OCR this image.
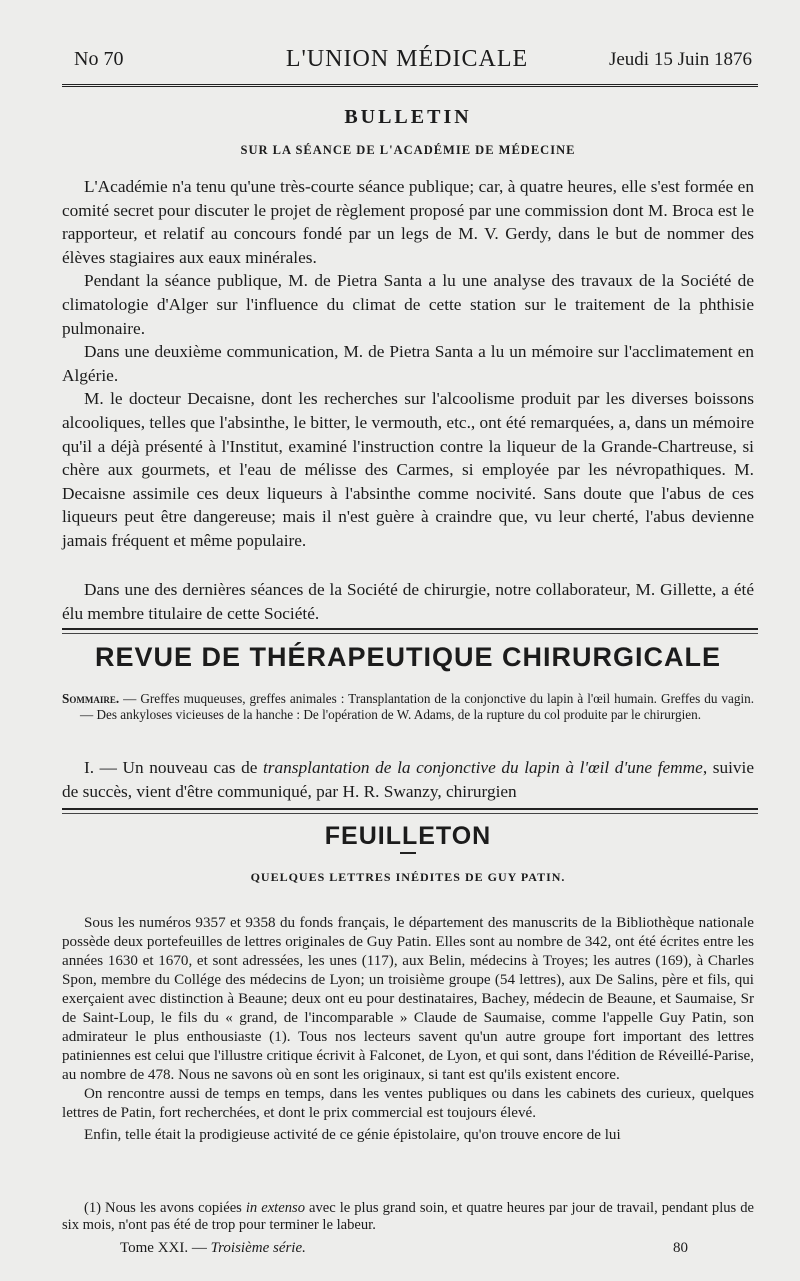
No 70	L'UNION MÉDICALE	Jeudi 15 Juin 1876
BULLETIN
SUR LA SÉANCE DE L'ACADÉMIE DE MÉDECINE

L'Académie n'a tenu qu'une très-courte séance publique; car, à quatre heures, elle s'est formée en comité secret pour discuter le projet de règlement proposé par une commission dont M. Broca est le rapporteur, et relatif au concours fondé par un legs de M. V. Gerdy, dans le but de nommer des élèves stagiaires aux eaux minérales.

Pendant la séance publique, M. de Pietra Santa a lu une analyse des travaux de la Société de climatologie d'Alger sur l'influence du climat de cette station sur le traitement de la phthisie pulmonaire.

Dans une deuxième communication, M. de Pietra Santa a lu un mémoire sur l'acclimatement en Algérie.

M. le docteur Decaisne, dont les recherches sur l'alcoolisme produit par les diverses boissons alcooliques, telles que l'absinthe, le bitter, le vermouth, etc., ont été remarquées, a, dans un mémoire qu'il a déjà présenté à l'Institut, examiné l'instruction contre la liqueur de la Grande-Chartreuse, si chère aux gourmets, et l'eau de mélisse des Carmes, si employée par les névropathiques. M. Decaisne assimile ces deux liqueurs à l'absinthe comme nocivité. Sans doute que l'abus de ces liqueurs peut être dangereuse; mais il n'est guère à craindre que, vu leur cherté, l'abus devienne jamais fréquent et même populaire.

Dans une des dernières séances de la Société de chirurgie, notre collaborateur, M. Gillette, a été élu membre titulaire de cette Société.

REVUE DE THÉRAPEUTIQUE CHIRURGICALE

Sommaire. — Greffes muqueuses, greffes animales : Transplantation de la conjonctive du lapin à l'œil humain. Greffes du vagin. — Des ankyloses vicieuses de la hanche : De l'opération de W. Adams, de la rupture du col produite par le chirurgien.

I. — Un nouveau cas de transplantation de la conjonctive du lapin à l'œil d'une femme, suivie de succès, vient d'être communiqué, par H. R. Swanzy, chirurgien

FEUILLETON
QUELQUES LETTRES INÉDITES DE GUY PATIN.

Sous les numéros 9357 et 9358 du fonds français, le département des manuscrits de la Bibliothèque nationale possède deux portefeuilles de lettres originales de Guy Patin. Elles sont au nombre de 342, ont été écrites entre les années 1630 et 1670, et sont adressées, les unes (117), aux Belin, médecins à Troyes; les autres (169), à Charles Spon, membre du Collége des médecins de Lyon; un troisième groupe (54 lettres), aux De Salins, père et fils, qui exerçaient avec distinction à Beaune; deux ont eu pour destinataires, Bachey, médecin de Beaune, et Saumaise, Sr de Saint-Loup, le fils du « grand, de l'incomparable » Claude de Saumaise, comme l'appelle Guy Patin, son admirateur le plus enthousiaste (1). Tous nos lecteurs savent qu'un autre groupe fort important des lettres patiniennes est celui que l'illustre critique écrivit à Falconet, de Lyon, et qui sont, dans l'édition de Réveillé-Parise, au nombre de 478. Nous ne savons où en sont les originaux, si tant est qu'ils existent encore.

On rencontre aussi de temps en temps, dans les ventes publiques ou dans les cabinets des curieux, quelques lettres de Patin, fort recherchées, et dont le prix commercial est toujours élevé.

Enfin, telle était la prodigieuse activité de ce génie épistolaire, qu'on trouve encore de lui

(1) Nous les avons copiées in extenso avec le plus grand soin, et quatre heures par jour de travail, pendant plus de six mois, n'ont pas été de trop pour terminer le labeur.

Tome XXI. — Troisième série.	80
